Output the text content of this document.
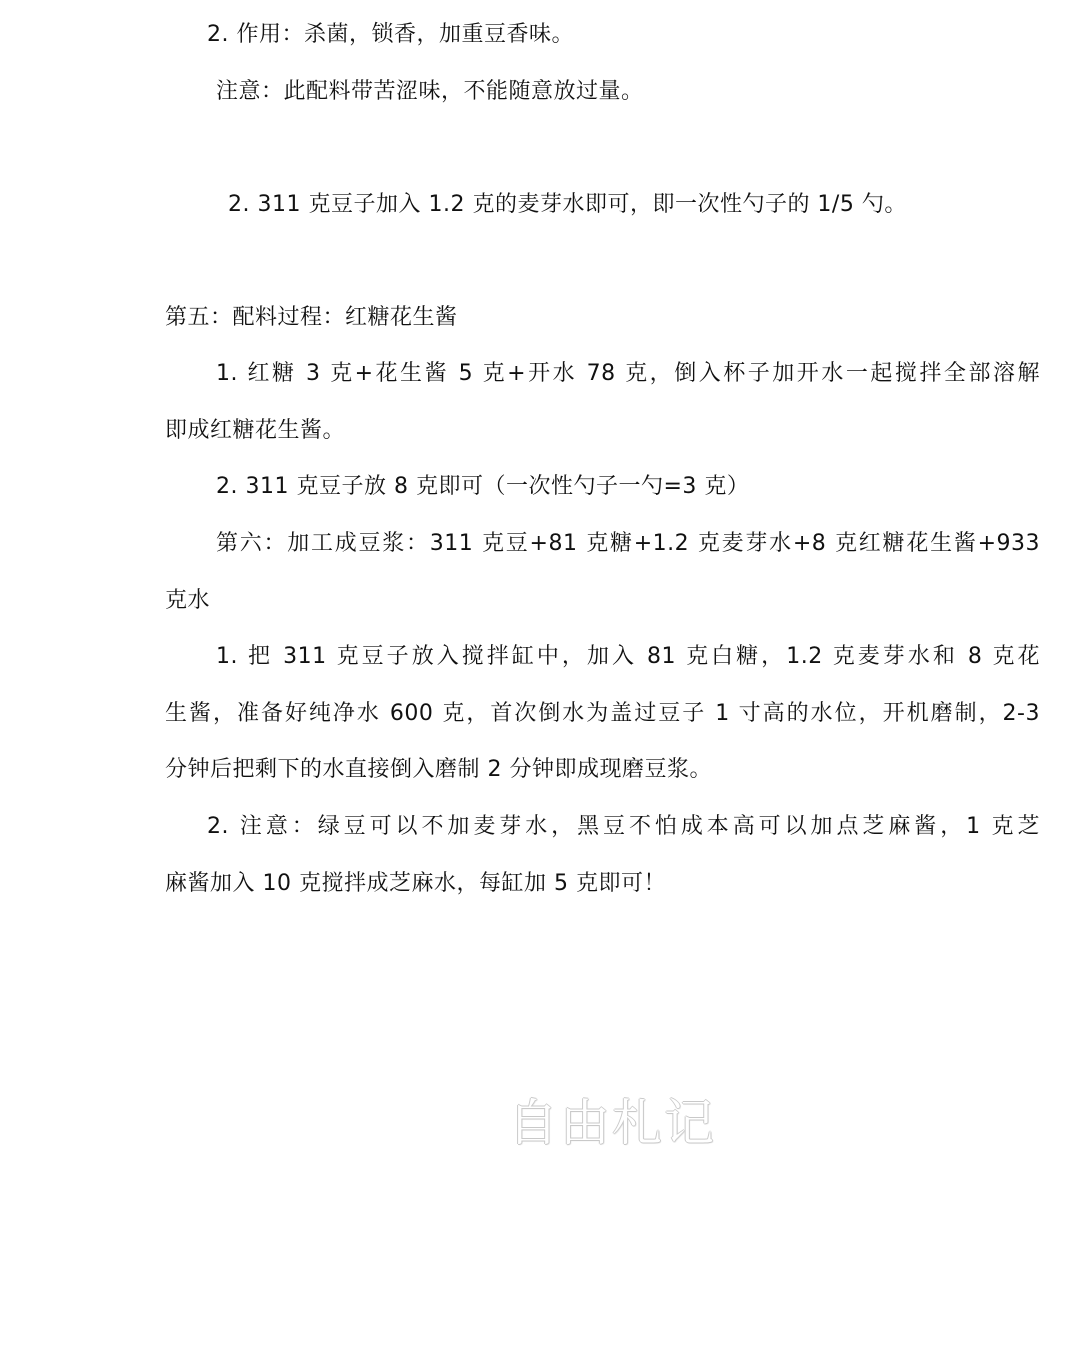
2. 作用：杀菌，锁香，加重豆香味。
注意：此配料带苦涩味，不能随意放过量。
2. 311 克豆子加入 1.2 克的麦芽水即可，即一次性勺子的 1/5 勺。
第五：配料过程：红糖花生酱
1. 红糖 3 克+花生酱 5 克+开水 78 克，倒入杯子加开水一起搅拌全部溶解
即成红糖花生酱。
2. 311 克豆子放 8 克即可（一次性勺子一勺=3 克）
第六：加工成豆浆：311 克豆+81 克糖+1.2 克麦芽水+8 克红糖花生酱+933
克水
1. 把 311 克豆子放入搅拌缸中，加入 81 克白糖，1.2 克麦芽水和 8 克花
生酱，准备好纯净水 600 克，首次倒水为盖过豆子 1 寸高的水位，开机磨制，2-3
分钟后把剩下的水直接倒入磨制 2 分钟即成现磨豆浆。
2. 注意：绿豆可以不加麦芽水，黑豆不怕成本高可以加点芝麻酱，1 克芝
麻酱加入 10 克搅拌成芝麻水，每缸加 5 克即可！
自由札记
